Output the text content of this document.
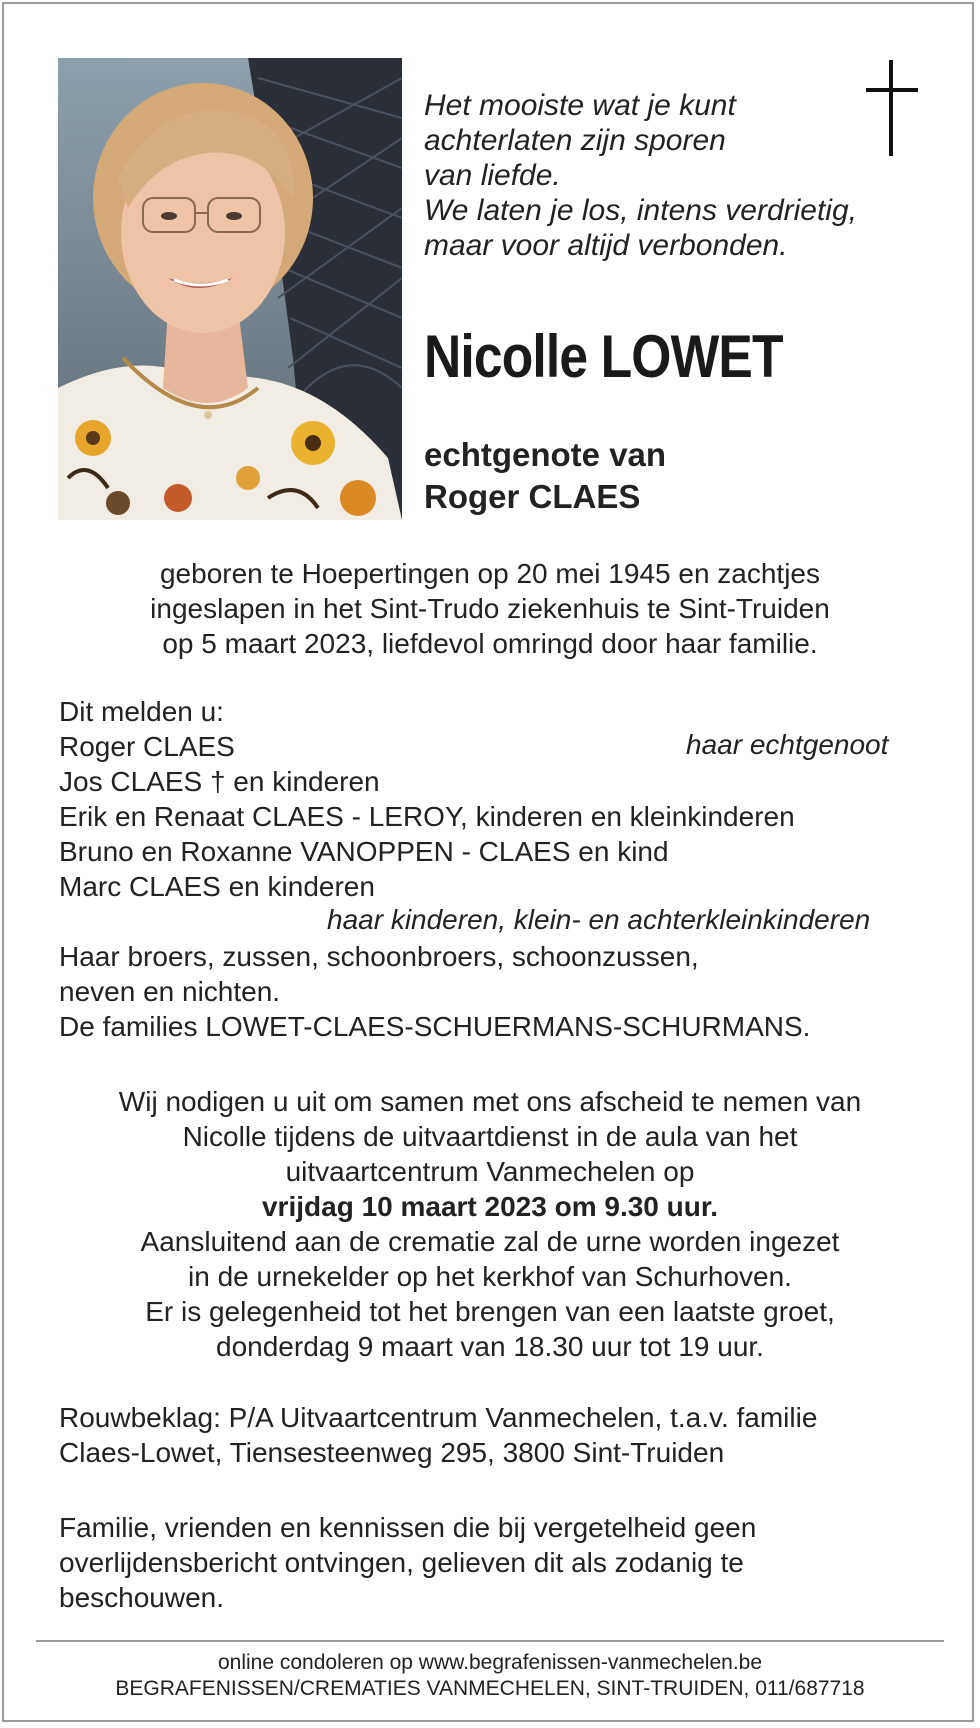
Het mooiste wat je kunt
achterlaten zijn sporen
van liefde.
We laten je los, intens verdrietig,
maar voor altijd verbonden.
Nicolle LOWET
echtgenote van
Roger CLAES
geboren te Hoepertingen op 20 mei 1945 en zachtjes
ingeslapen in het Sint-Trudo ziekenhuis te Sint-Truiden
op 5 maart 2023, liefdevol omringd door haar familie.
Dit melden u:
Roger CLAES
Jos CLAES † en kinderen
Erik en Renaat CLAES - LEROY, kinderen en kleinkinderen
Bruno en Roxanne VANOPPEN - CLAES en kind
Marc CLAES en kinderen
Haar broers, zussen, schoonbroers, schoonzussen,
neven en nichten.
De families LOWET-CLAES-SCHUERMANS-SCHURMANS.
haar echtgenoot
haar kinderen, klein- en achterkleinkinderen
Wij nodigen u uit om samen met ons afscheid te nemen van
Nicolle tijdens de uitvaartdienst in de aula van het
uitvaartcentrum Vanmechelen op
vrijdag 10 maart 2023 om 9.30 uur.
Aansluitend aan de crematie zal de urne worden ingezet
in de urnekelder op het kerkhof van Schurhoven.
Er is gelegenheid tot het brengen van een laatste groet,
donderdag 9 maart van 18.30 uur tot 19 uur.
Rouwbeklag: P/A Uitvaartcentrum Vanmechelen, t.a.v. familie
Claes-Lowet, Tiensesteenweg 295, 3800 Sint-Truiden
Familie, vrienden en kennissen die bij vergetelheid geen
overlijdensbericht ontvingen, gelieven dit als zodanig te
beschouwen.
online condoleren op www.begrafenissen-vanmechelen.be
BEGRAFENISSEN/CREMATIES VANMECHELEN, SINT-TRUIDEN, 011/687718
